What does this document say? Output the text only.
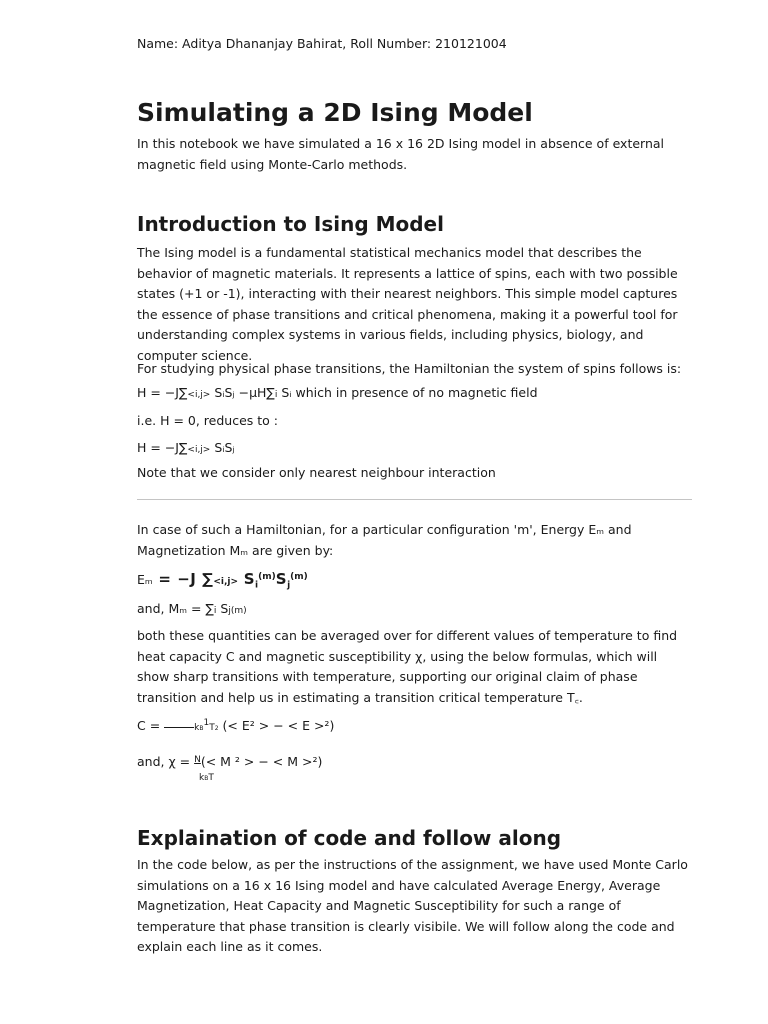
Name: Aditya Dhananjay Bahirat, Roll Number: 210121004
Simulating a 2D Ising Model

In this notebook we have simulated a 16 x 16 2D Ising model in absence of external magnetic field using Monte-Carlo methods.

Introduction to Ising Model

The Ising model is a fundamental statistical mechanics model that describes the behavior of magnetic materials. It represents a lattice of spins, each with two possible states (+1 or -1), interacting with their nearest neighbors. This simple model captures the essence of phase transitions and critical phenomena, making it a powerful tool for understanding complex systems in various fields, including physics, biology, and computer science.

For studying physical phase transitions, the Hamiltonian the system of spins follows is:

H = −J∑<i,j> SᵢSⱼ −μH∑i Sᵢ which in presence of no magnetic field

i.e. H = 0, reduces to :

H = −J∑<i,j> SᵢSⱼ

Note that we consider only nearest neighbour interaction

In case of such a Hamiltonian, for a particular configuration 'm', Energy Eₘ and Magnetization Mₘ are given by:

Eₘ = −J $\sum<i,j> S_i^{(m)}S_j^{(m)}$

and, Mₘ = ∑i Sj(m)

both these quantities can be averaged over for different values of temperature to find heat capacity C and magnetic susceptibility χ, using the below formulas, which will show sharp transitions with temperature, supporting our original claim of phase transition and help us in estimating a transition critical temperature T꜀.

C =	$kB^1T2$ (< E² > − < E >²)

and, χ = $^N$(< M ² > − < M >²)

kBT

Explaination of code and follow along

In the code below, as per the instructions of the assignment, we have used Monte Carlo simulations on a 16 x 16 Ising model and have calculated Average Energy, Average Magnetization, Heat Capacity and Magnetic Susceptibility for such a range of temperature that phase transition is clearly visibile. We will follow along the code and explain each line as it comes.
